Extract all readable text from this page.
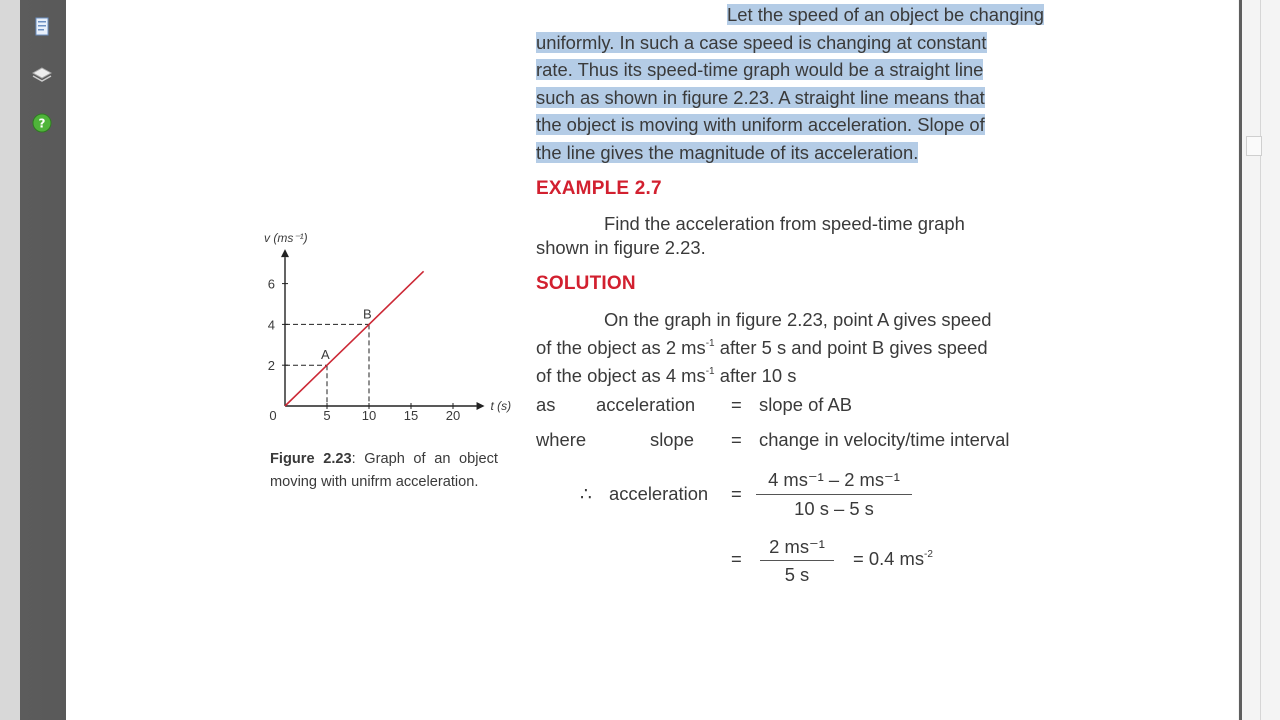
?
Let the speed of an object be changing
uniformly. In such a case speed is changing at constant
rate. Thus its speed-time graph would be a straight line
such as shown in figure 2.23. A straight line means that
the object is moving with uniform acceleration. Slope of
the line gives the magnitude of its acceleration.
EXAMPLE 2.7
Find the acceleration from speed-time graph
shown in figure 2.23.
SOLUTION
On the graph in figure 2.23, point A gives speed
of the object as 2 $ms^{-1}$ after 5 s and point B gives speed
of the object as 4 $ms^{-1}$ after 10 s
as acceleration = slope of AB
where	slope = change in velocity/time interval
∴ acceleration =
4 ms⁻¹ – 2 ms⁻¹
10 s – 5 s
=
2 ms⁻¹
5 s
= 0.4 $ms^{-2}$
v (ms⁻¹)
t (s)
5 10 15 20
0
2
4
6
A
B
Figure 2.23: Graph of an object moving with unifrm acceleration.
